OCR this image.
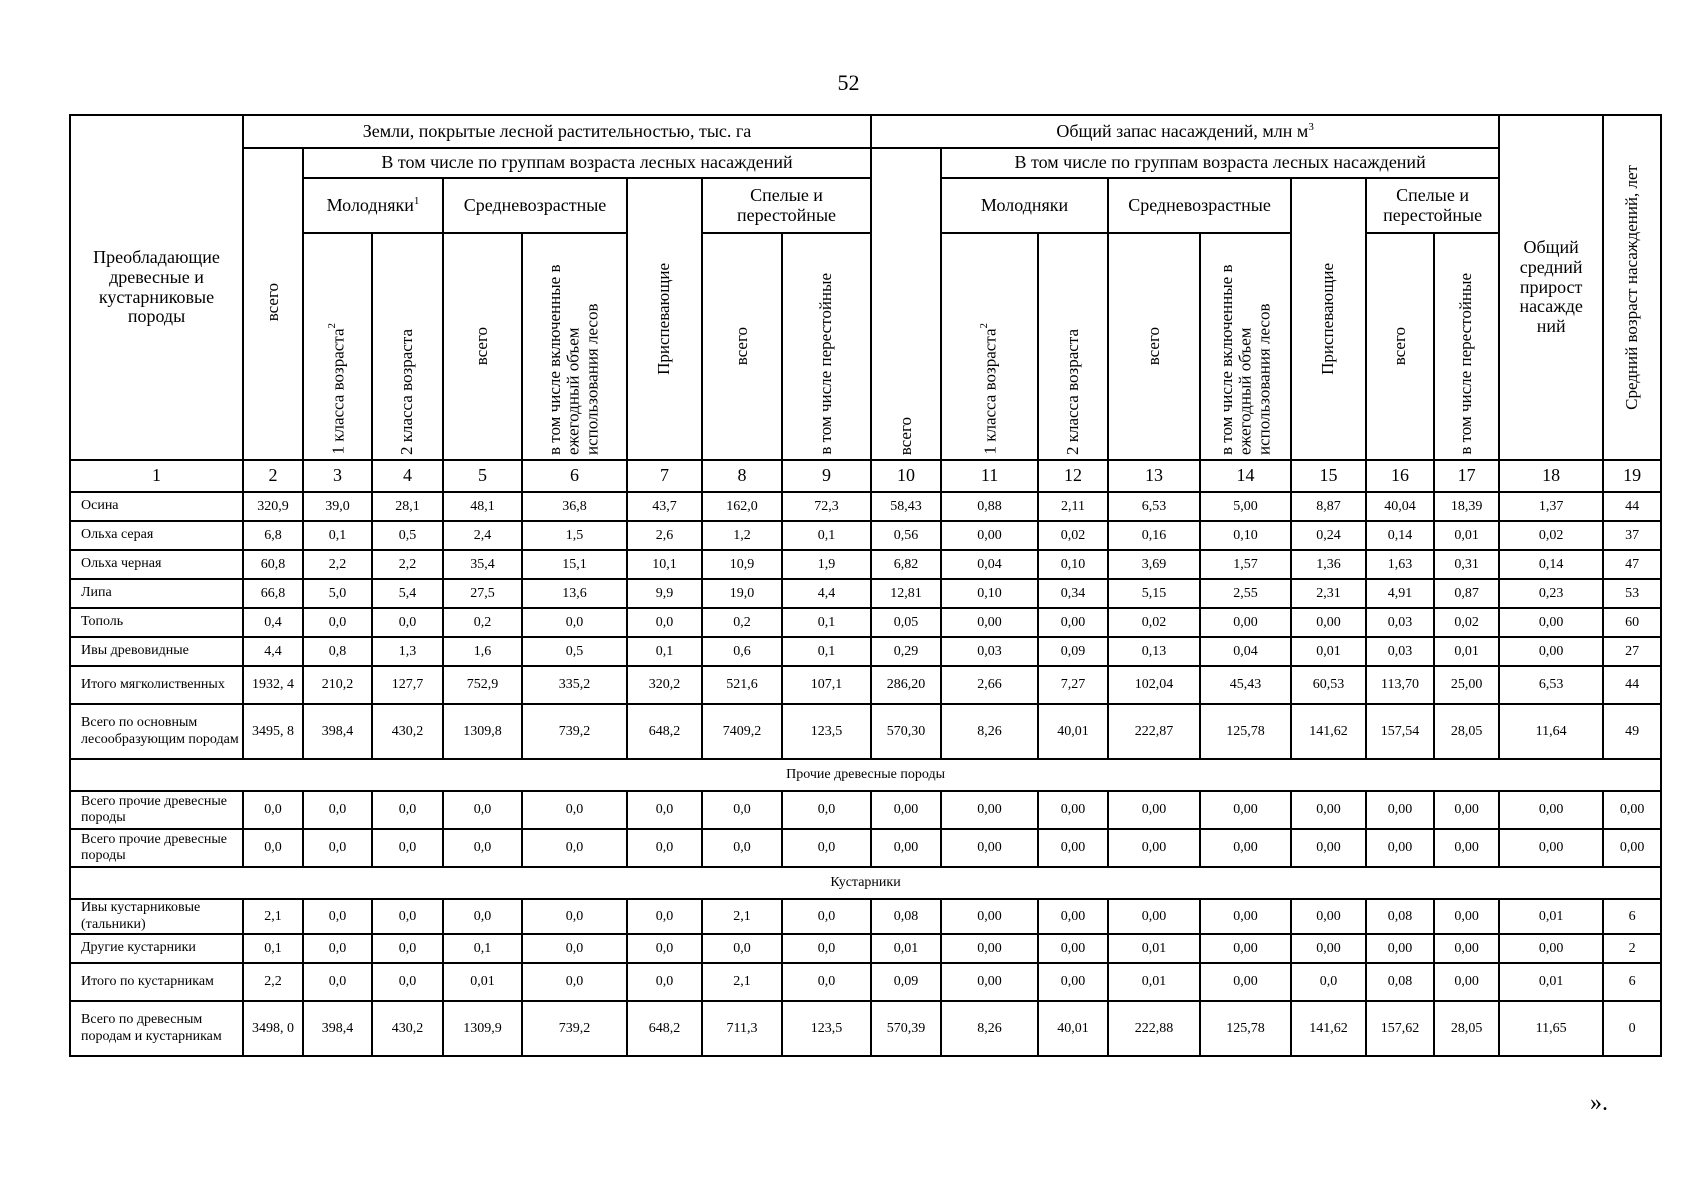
52
Преобладающие древесные и кустарниковые породы	Земли, покрытые лесной растительностью, тыс. га								Общий запас насаждений, млн $м^3$								Общий средний прирост насажде ний	Средний возраст насаждений, лет

	всего	В том числе по группам возраста лесных насаждений							всего	В том числе по группам возраста лесных насаждений								
		Молодняки$^1$		Средневозрастные		Приспевающие	Спелые и перестойные			Молодняки		Средневозрастные		Приспевающие	Спелые и перестойные			

		1 класса возраста$^2$	2 класса возраста	всего	в том числе включенные в ежегодный объем использования лесов		всего	в том числе перестойные		1 класса возраста$^2$	2 класса возраста	всего	в том числе включенные в ежегодный объем использования лесов		всего	в том числе перестойные		

1	2	3	4	5	6	7	8	9	10	11	12	13	14	15	16	17	18	19
Осина	320,9	39,0	28,1	48,1	36,8	43,7	162,0	72,3	58,43	0,88	2,11	6,53	5,00	8,87	40,04	18,39	1,37	44
Ольха серая	6,8	0,1	0,5	2,4	1,5	2,6	1,2	0,1	0,56	0,00	0,02	0,16	0,10	0,24	0,14	0,01	0,02	37
Ольха черная	60,8	2,2	2,2	35,4	15,1	10,1	10,9	1,9	6,82	0,04	0,10	3,69	1,57	1,36	1,63	0,31	0,14	47
Липа	66,8	5,0	5,4	27,5	13,6	9,9	19,0	4,4	12,81	0,10	0,34	5,15	2,55	2,31	4,91	0,87	0,23	53
Тополь	0,4	0,0	0,0	0,2	0,0	0,0	0,2	0,1	0,05	0,00	0,00	0,02	0,00	0,00	0,03	0,02	0,00	60
Ивы древовидные	4,4	0,8	1,3	1,6	0,5	0,1	0,6	0,1	0,29	0,03	0,09	0,13	0,04	0,01	0,03	0,01	0,00	27
Итого мягколиственных	1932, 4	210,2	127,7	752,9	335,2	320,2	521,6	107,1	286,20	2,66	7,27	102,04	45,43	60,53	113,70	25,00	6,53	44
Всего по основным лесообразующим породам	3495, 8	398,4	430,2	1309,8	739,2	648,2	7409,2	123,5	570,30	8,26	40,01	222,87	125,78	141,62	157,54	28,05	11,64	49
Прочие древесные породы																		
Всего прочие древесные породы	0,0	0,0	0,0	0,0	0,0	0,0	0,0	0,0	0,00	0,00	0,00	0,00	0,00	0,00	0,00	0,00	0,00	0,00
Всего прочие древесные породы	0,0	0,0	0,0	0,0	0,0	0,0	0,0	0,0	0,00	0,00	0,00	0,00	0,00	0,00	0,00	0,00	0,00	0,00
Кустарники																		
Ивы кустарниковые (тальники)	2,1	0,0	0,0	0,0	0,0	0,0	2,1	0,0	0,08	0,00	0,00	0,00	0,00	0,00	0,08	0,00	0,01	6
Другие кустарники	0,1	0,0	0,0	0,1	0,0	0,0	0,0	0,0	0,01	0,00	0,00	0,01	0,00	0,00	0,00	0,00	0,00	2
Итого по кустарникам	2,2	0,0	0,0	0,01	0,0	0,0	2,1	0,0	0,09	0,00	0,00	0,01	0,00	0,0	0,08	0,00	0,01	6
Всего по древесным породам и кустарникам	3498, 0	398,4	430,2	1309,9	739,2	648,2	711,3	123,5	570,39	8,26	40,01	222,88	125,78	141,62	157,62	28,05	11,65	0
».
